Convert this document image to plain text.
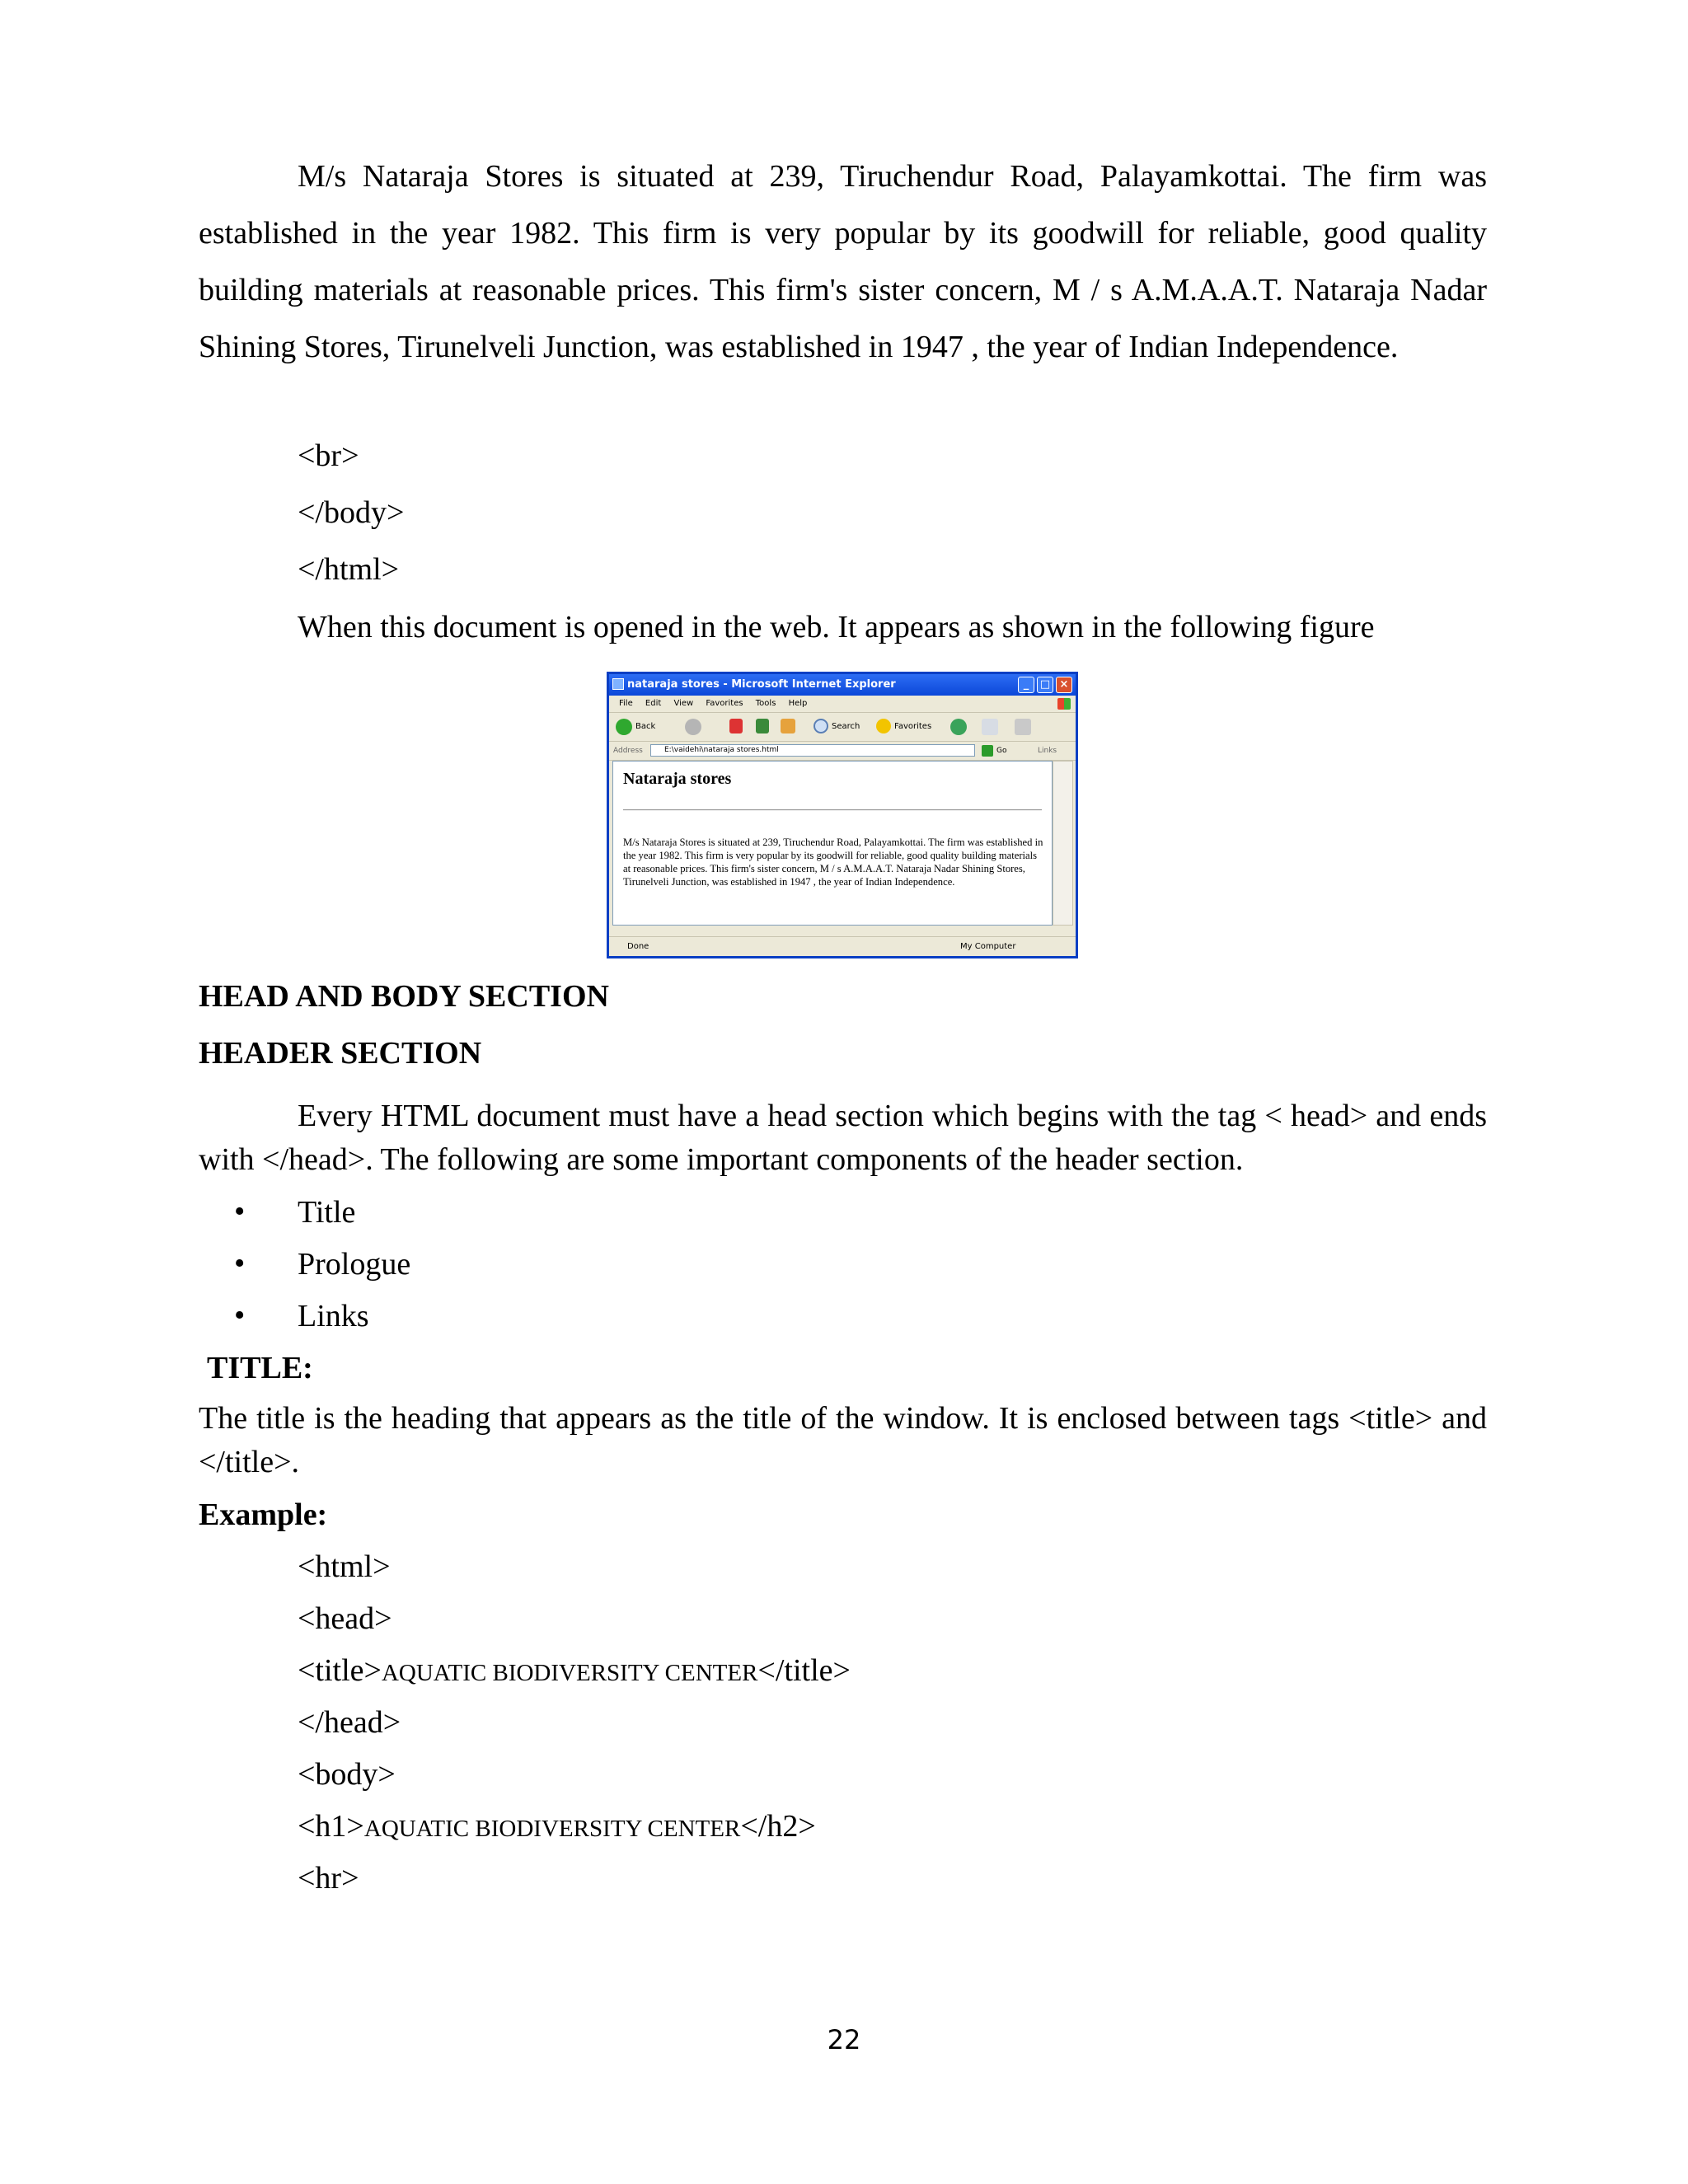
M/s Nataraja Stores is situated at 239, Tiruchendur Road, Palayamkottai. The firm was established in the year 1982. This firm is very popular by its goodwill for reliable, good quality building materials at reasonable prices. This firm's sister concern, M / s A.M.A.A.T. Nataraja Nadar Shining Stores, Tirunelveli Junction, was established in 1947 , the year of Indian Independence.
<br>
</body>
</html>
When this document is opened in the web. It appears as shown in the following figure
nataraja stores - Microsoft Internet Explorer	_	□ ×
File Edit View Favorites Tools Help
Back	Search	Favorites
Address	E:\vaidehi\nataraja stores.html	Go	Links
Nataraja stores
M/s Nataraja Stores is situated at 239, Tiruchendur Road, Palayamkottai. The firm was established in the year 1982. This firm is very popular by its goodwill for reliable, good quality building materials at reasonable prices. This firm's sister concern, M / s A.M.A.A.T. Nataraja Nadar Shining Stores, Tirunelveli Junction, was established in 1947 , the year of Indian Independence.
Done	My Computer
HEAD AND BODY SECTION
HEADER SECTION
Every HTML document must have a head section which begins with the tag < head> and ends with </head>. The following are some important components of the header section.
• Title
• Prologue
• Links
TITLE:
The title is the heading that appears as the title of the window. It is enclosed between tags <title> and </title>.
Example:
<html>
<head>
<title>AQUATIC BIODIVERSITY CENTER</title>
</head>
<body>
<h1>AQUATIC BIODIVERSITY CENTER</h2>
<hr>
22
